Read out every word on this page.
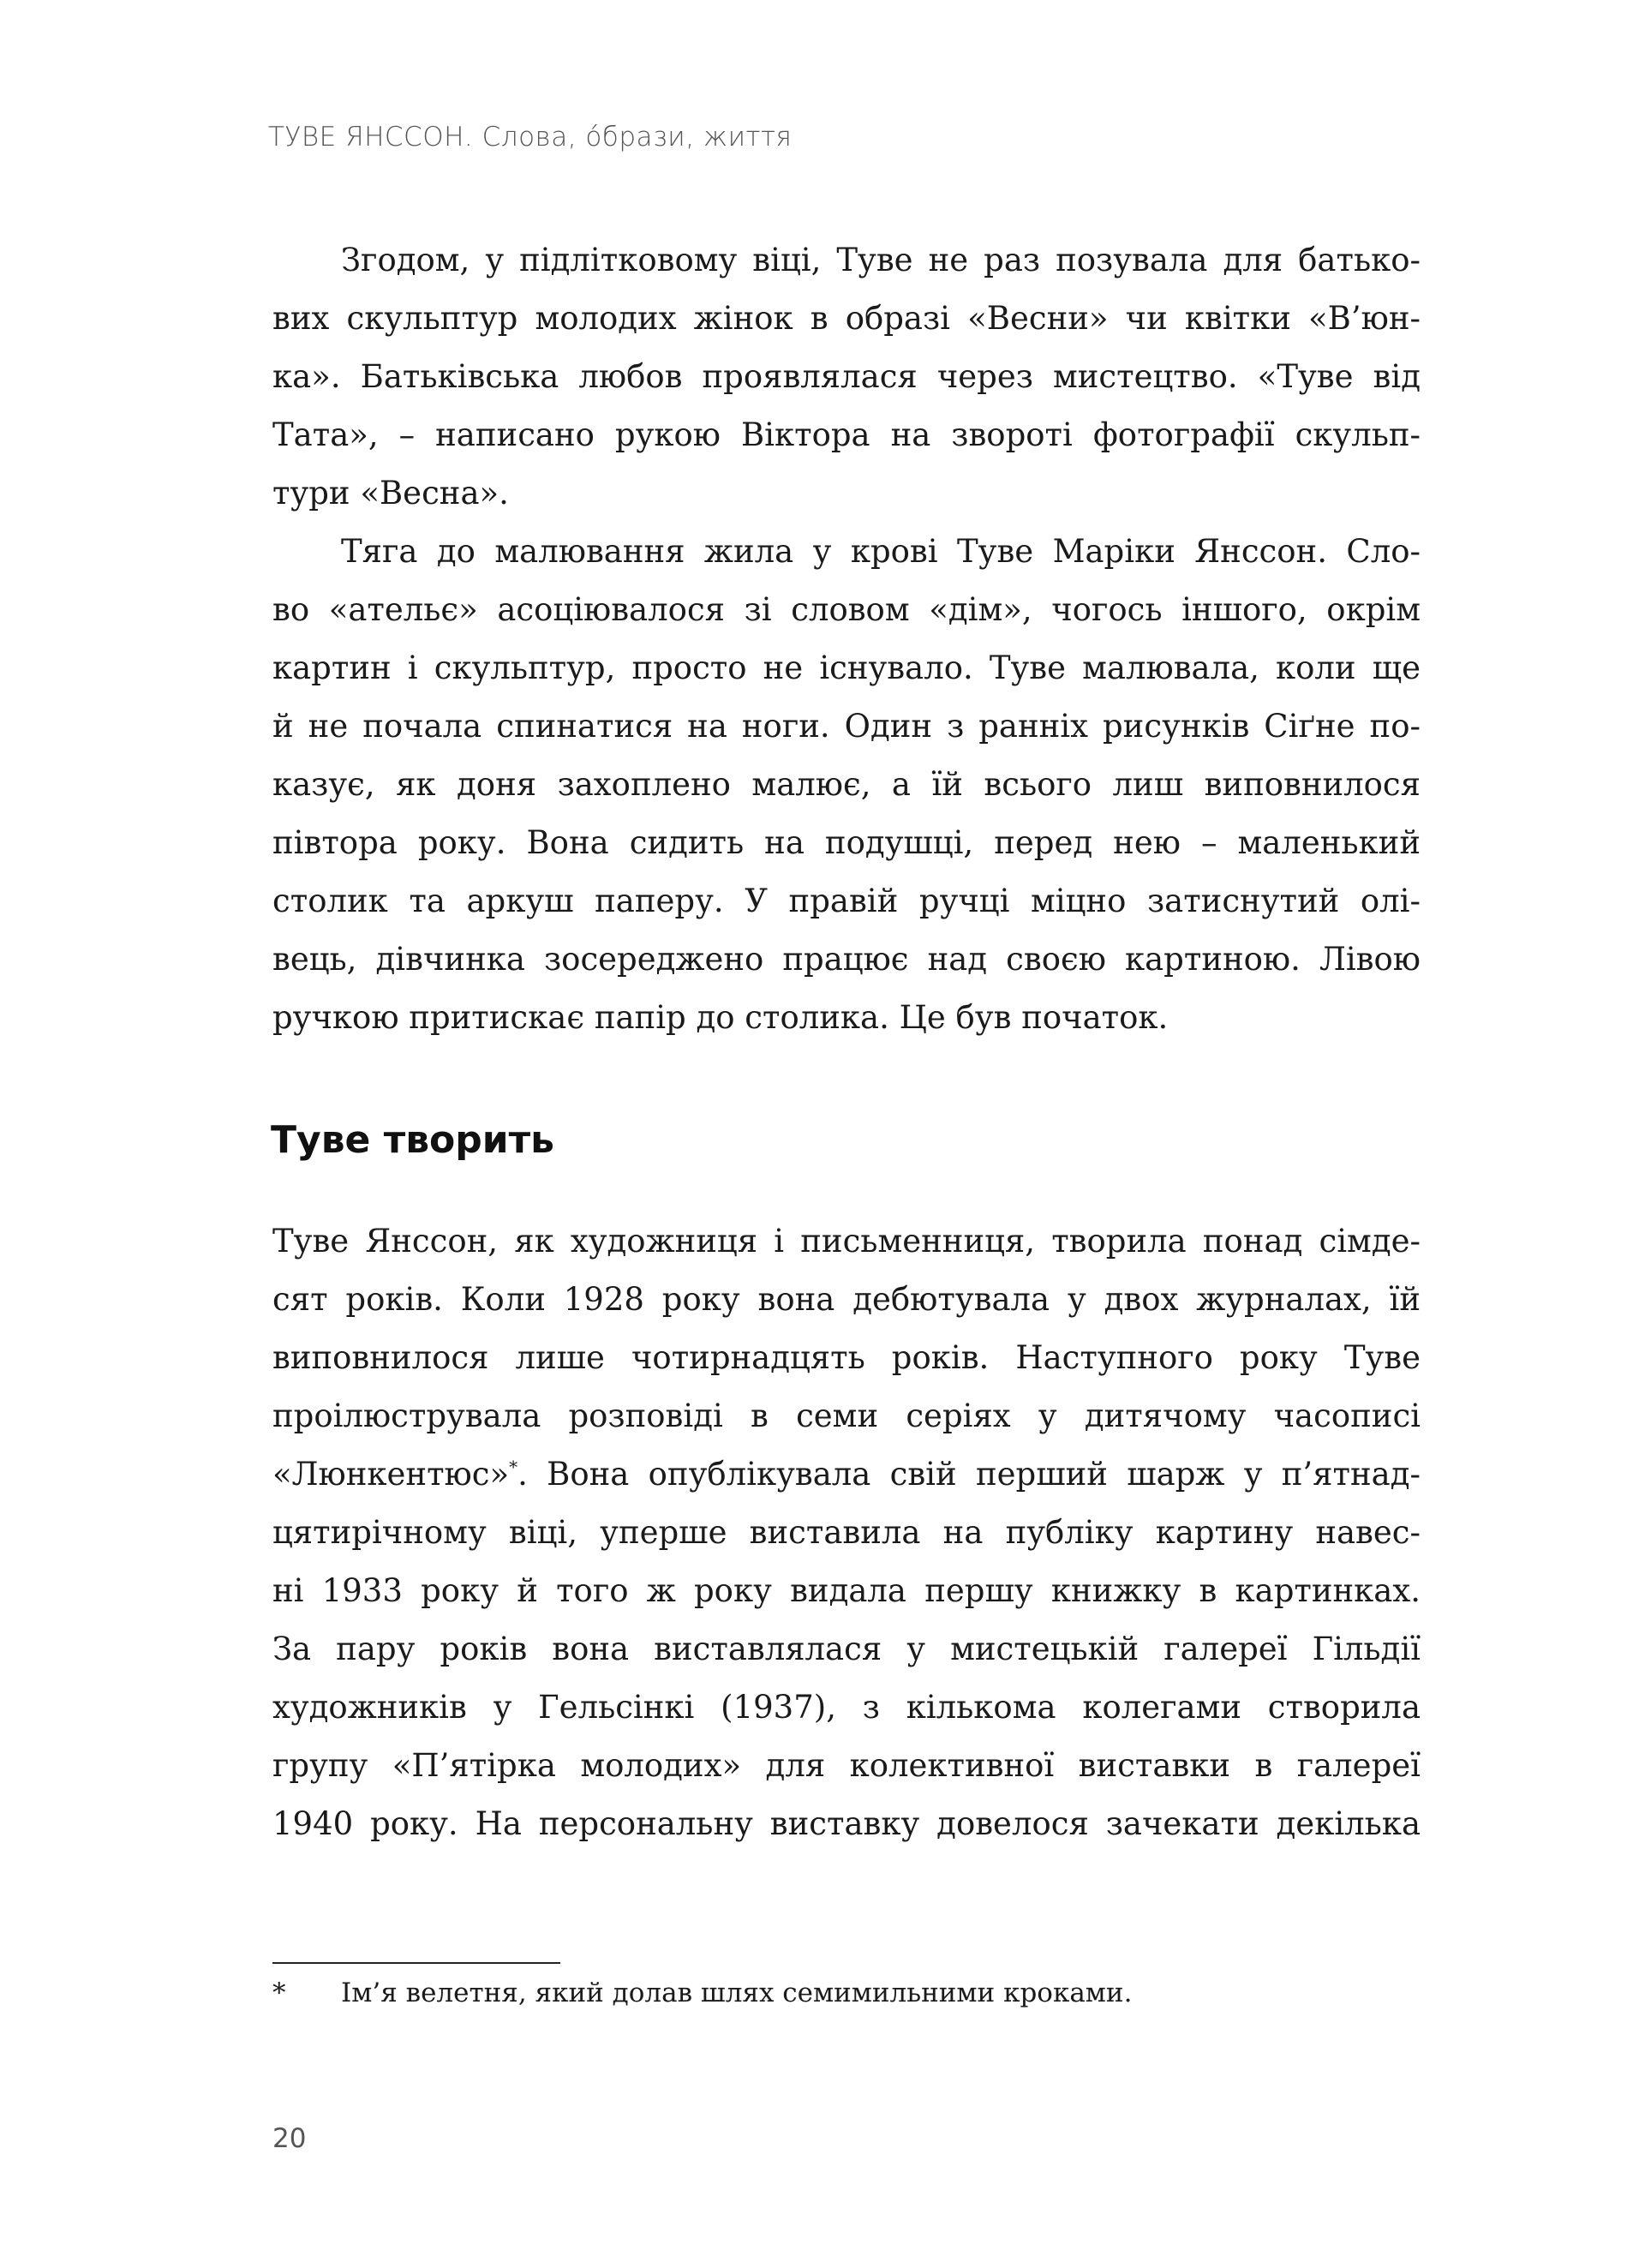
ТУВЕ ЯНССОН. Слова, óбрази, життя
Згодом, у підлітковому віці, Туве не раз позувала для батько-
вих скульптур молодих жінок в образі «Весни» чи квітки «В’юн-
ка». Батьківська любов проявлялася через мистецтво. «Туве від
Тата», – написано рукою Віктора на звороті фотографії скульп-
тури «Весна».
Тяга до малювання жила у крові Туве Маріки Янссон. Сло-
во «ательє» асоціювалося зі словом «дім», чогось іншого, окрім
картин і скульптур, просто не існувало. Туве малювала, коли ще
й не почала спинатися на ноги. Один з ранніх рисунків Сіґне по-
казує, як доня захоплено малює, а їй всього лиш виповнилося
півтора року. Вона сидить на подушці, перед нею – маленький
столик та аркуш паперу. У правій ручці міцно затиснутий олі-
вець, дівчинка зосереджено працює над своєю картиною. Лівою
ручкою притискає папір до столика. Це був початок.
Туве творить
Туве Янссон, як художниця і письменниця, творила понад сімде-
сят років. Коли 1928 року вона дебютувала у двох журналах, їй
виповнилося лише чотирнадцять років. Наступного року Туве
проілюструвала розповіді в семи серіях у дитячому часописі
«Люнкентюс»*. Вона опублікувала свій перший шарж у п’ятнад-
цятирічному віці, уперше виставила на публіку картину навес-
ні 1933 року й того ж року видала першу книжку в картинках.
За пару років вона виставлялася у мистецькій галереї Гільдії
художників у Гельсінкі (1937), з кількома колегами створила
групу «П’ятірка молодих» для колективної виставки в галереї
1940 року. На персональну виставку довелося зачекати декілька
* Ім’я велетня, який долав шлях семимильними кроками.
20
